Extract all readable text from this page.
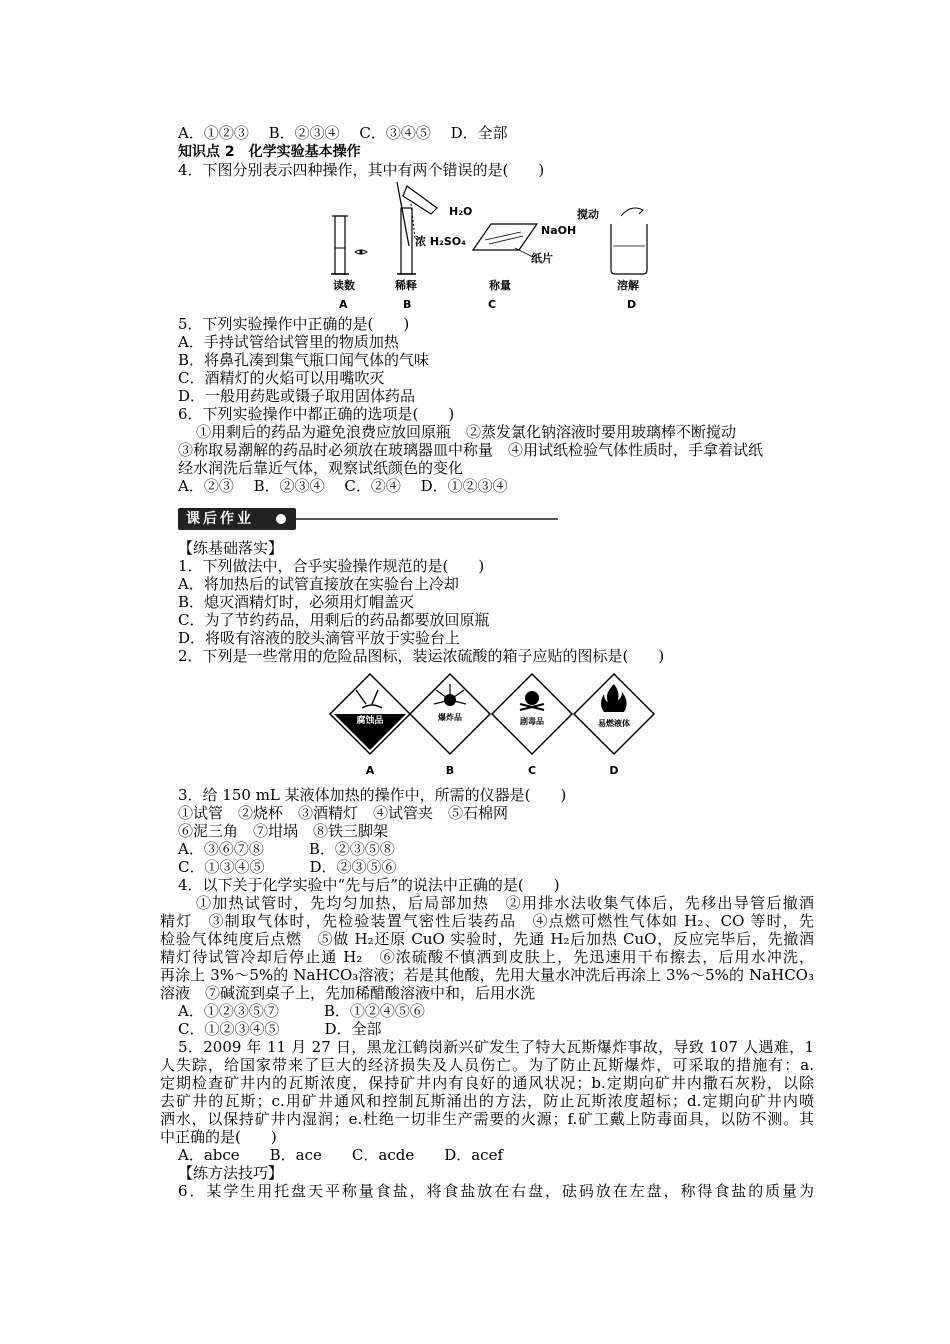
A．①②③　 B．②③④　 C．③④⑤　 D．全部
知识点 2　化学实验基本操作
4．下图分别表示四种操作，其中有两个错误的是(　　)
H₂O
浓 H₂SO₄
NaOH
纸片
搅动
读数	稀释	称量	溶解
A	B	C	D
5．下列实验操作中正确的是(　　)
A．手持试管给试管里的物质加热
B．将鼻孔凑到集气瓶口闻气体的气味
C．酒精灯的火焰可以用嘴吹灭
D．一般用药匙或镊子取用固体药品
6．下列实验操作中都正确的选项是(　　)
①用剩后的药品为避免浪费应放回原瓶　②蒸发氯化钠溶液时要用玻璃棒不断搅动
③称取易潮解的药品时必须放在玻璃器皿中称量　④用试纸检验气体性质时，手拿着试纸
经水润洗后靠近气体，观察试纸颜色的变化
A．②③　 B．②③④　 C．②④　 D．①②③④
课后作业
【练基础落实】
1．下列做法中，合乎实验操作规范的是(　　)
A．将加热后的试管直接放在实验台上冷却
B．熄灭酒精灯时，必须用灯帽盖灭
C．为了节约药品，用剩后的药品都要放回原瓶
D．将吸有溶液的胶头滴管平放于实验台上
2．下列是一些常用的危险品图标，装运浓硫酸的箱子应贴的图标是(　　)
腐蚀品	爆炸品	剧毒品	易燃液体
A	B	C	D
3．给 150 mL 某液体加热的操作中，所需的仪器是(　　)
①试管　②烧杯　③酒精灯　④试管夹　⑤石棉网
⑥泥三角　⑦坩埚　⑧铁三脚架
A．③⑥⑦⑧　　　B．②③⑤⑧
C．①③④⑤　　　D．②③⑤⑥
4．以下关于化学实验中“先与后”的说法中正确的是(　　)
①加热试管时，先均匀加热，后局部加热　②用排水法收集气体后，先移出导管后撤酒
精灯　③制取气体时，先检验装置气密性后装药品　④点燃可燃性气体如 H₂、CO 等时，先
检验气体纯度后点燃　⑤做 H₂还原 CuO 实验时，先通 H₂后加热 CuO，反应完毕后，先撤酒
精灯待试管冷却后停止通 H₂　⑥浓硫酸不慎洒到皮肤上，先迅速用干布擦去，后用水冲洗，
再涂上 3%～5%的 NaHCO₃溶液；若是其他酸，先用大量水冲洗后再涂上 3%～5%的 NaHCO₃
溶液　⑦碱流到桌子上，先加稀醋酸溶液中和，后用水洗
A．①②③⑤⑦　　　B．①②④⑤⑥
C．①②③④⑤　　　D．全部
5．2009 年 11 月 27 日，黑龙江鹤岗新兴矿发生了特大瓦斯爆炸事故，导致 107 人遇难，1
人失踪，给国家带来了巨大的经济损失及人员伤亡。为了防止瓦斯爆炸，可采取的措施有：a.
定期检查矿井内的瓦斯浓度，保持矿井内有良好的通风状况；b.定期向矿井内撒石灰粉，以除
去矿井的瓦斯；c.用矿井通风和控制瓦斯涌出的方法，防止瓦斯浓度超标；d.定期向矿井内喷
洒水，以保持矿井内湿润；e.杜绝一切非生产需要的火源；f.矿工戴上防毒面具，以防不测。其
中正确的是(　　)
A．abce　　B．ace　　C．acde　　D．acef
【练方法技巧】
6．某学生用托盘天平称量食盐，将食盐放在右盘，砝码放在左盘，称得食盐的质量为
